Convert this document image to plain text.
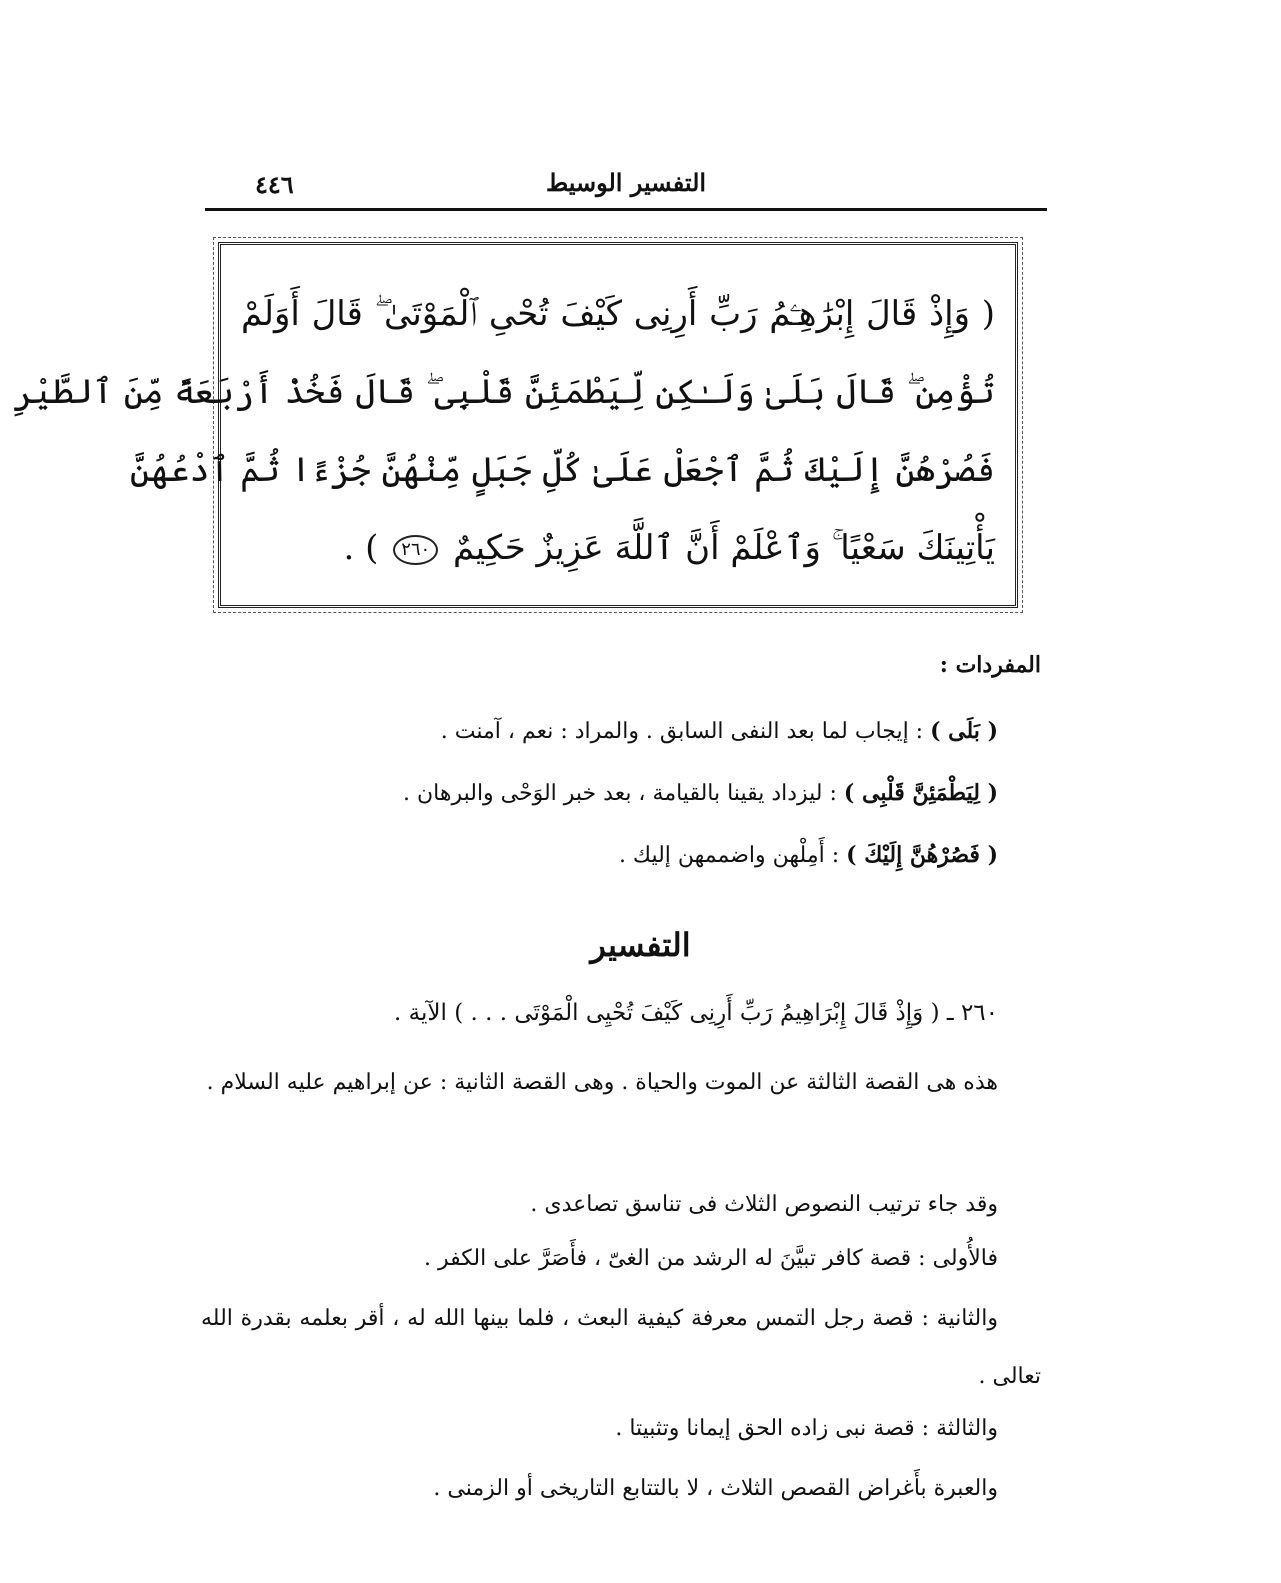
٤٤٦	التفسير الوسيط
( وَإِذْ قَالَ إِبْرَٰهِـۧمُ رَبِّ أَرِنِى كَيْفَ تُحْىِ ٱلْمَوْتَىٰ ۖ قَالَ أَوَلَمْ
تُؤْمِن ۖ قَالَ بَلَىٰ وَلَـٰكِن لِّيَطْمَئِنَّ قَلْبِى ۖ قَالَ فَخُذْ أَرْبَعَةً مِّنَ ٱلطَّيْرِ
فَصُرْهُنَّ إِلَيْكَ ثُمَّ ٱجْعَلْ عَلَىٰ كُلِّ جَبَلٍ مِّنْهُنَّ جُزْءًا ثُمَّ ٱدْعُهُنَّ
يَأْتِينَكَ سَعْيًا ۚ وَٱعْلَمْ أَنَّ ٱللَّهَ عَزِيزٌ حَكِيمٌ ٢٦٠ ) .
المفردات :
( بَلَى ) : إيجاب لما بعد النفى السابق . والمراد : نعم ، آمنت .
( لِيَطْمَئِنَّ قَلْبِى ) : ليزداد يقينا بالقيامة ، بعد خبر الوَحْى والبرهان .
( فَصُرْهُنَّ إِلَيْكَ ) : أَمِلْهن واضممهن إليك .
التفسير
٢٦٠ ـ ( وَإِذْ قَالَ إِبْرَاهِيمُ رَبِّ أَرِنِى كَيْفَ تُحْيِى الْمَوْتَى . . . ) الآية .
هذه هى القصة الثالثة عن الموت والحياة . وهى القصة الثانية : عن إبراهيم عليه السلام .
وقد جاء ترتيب النصوص الثلاث فى تناسق تصاعدى .
فالأُولى : قصة كافر تبيَّنَ له الرشد من الغىّ ، فأَصَرَّ على الكفر .
والثانية : قصة رجل التمس معرفة كيفية البعث ، فلما بينها الله له ، أقر بعلمه بقدرة الله تعالى .
والثالثة : قصة نبى زاده الحق إيمانا وتثبيتا .
والعبرة بأَغراض القصص الثلاث ، لا بالتتابع التاريخى أو الزمنى .
